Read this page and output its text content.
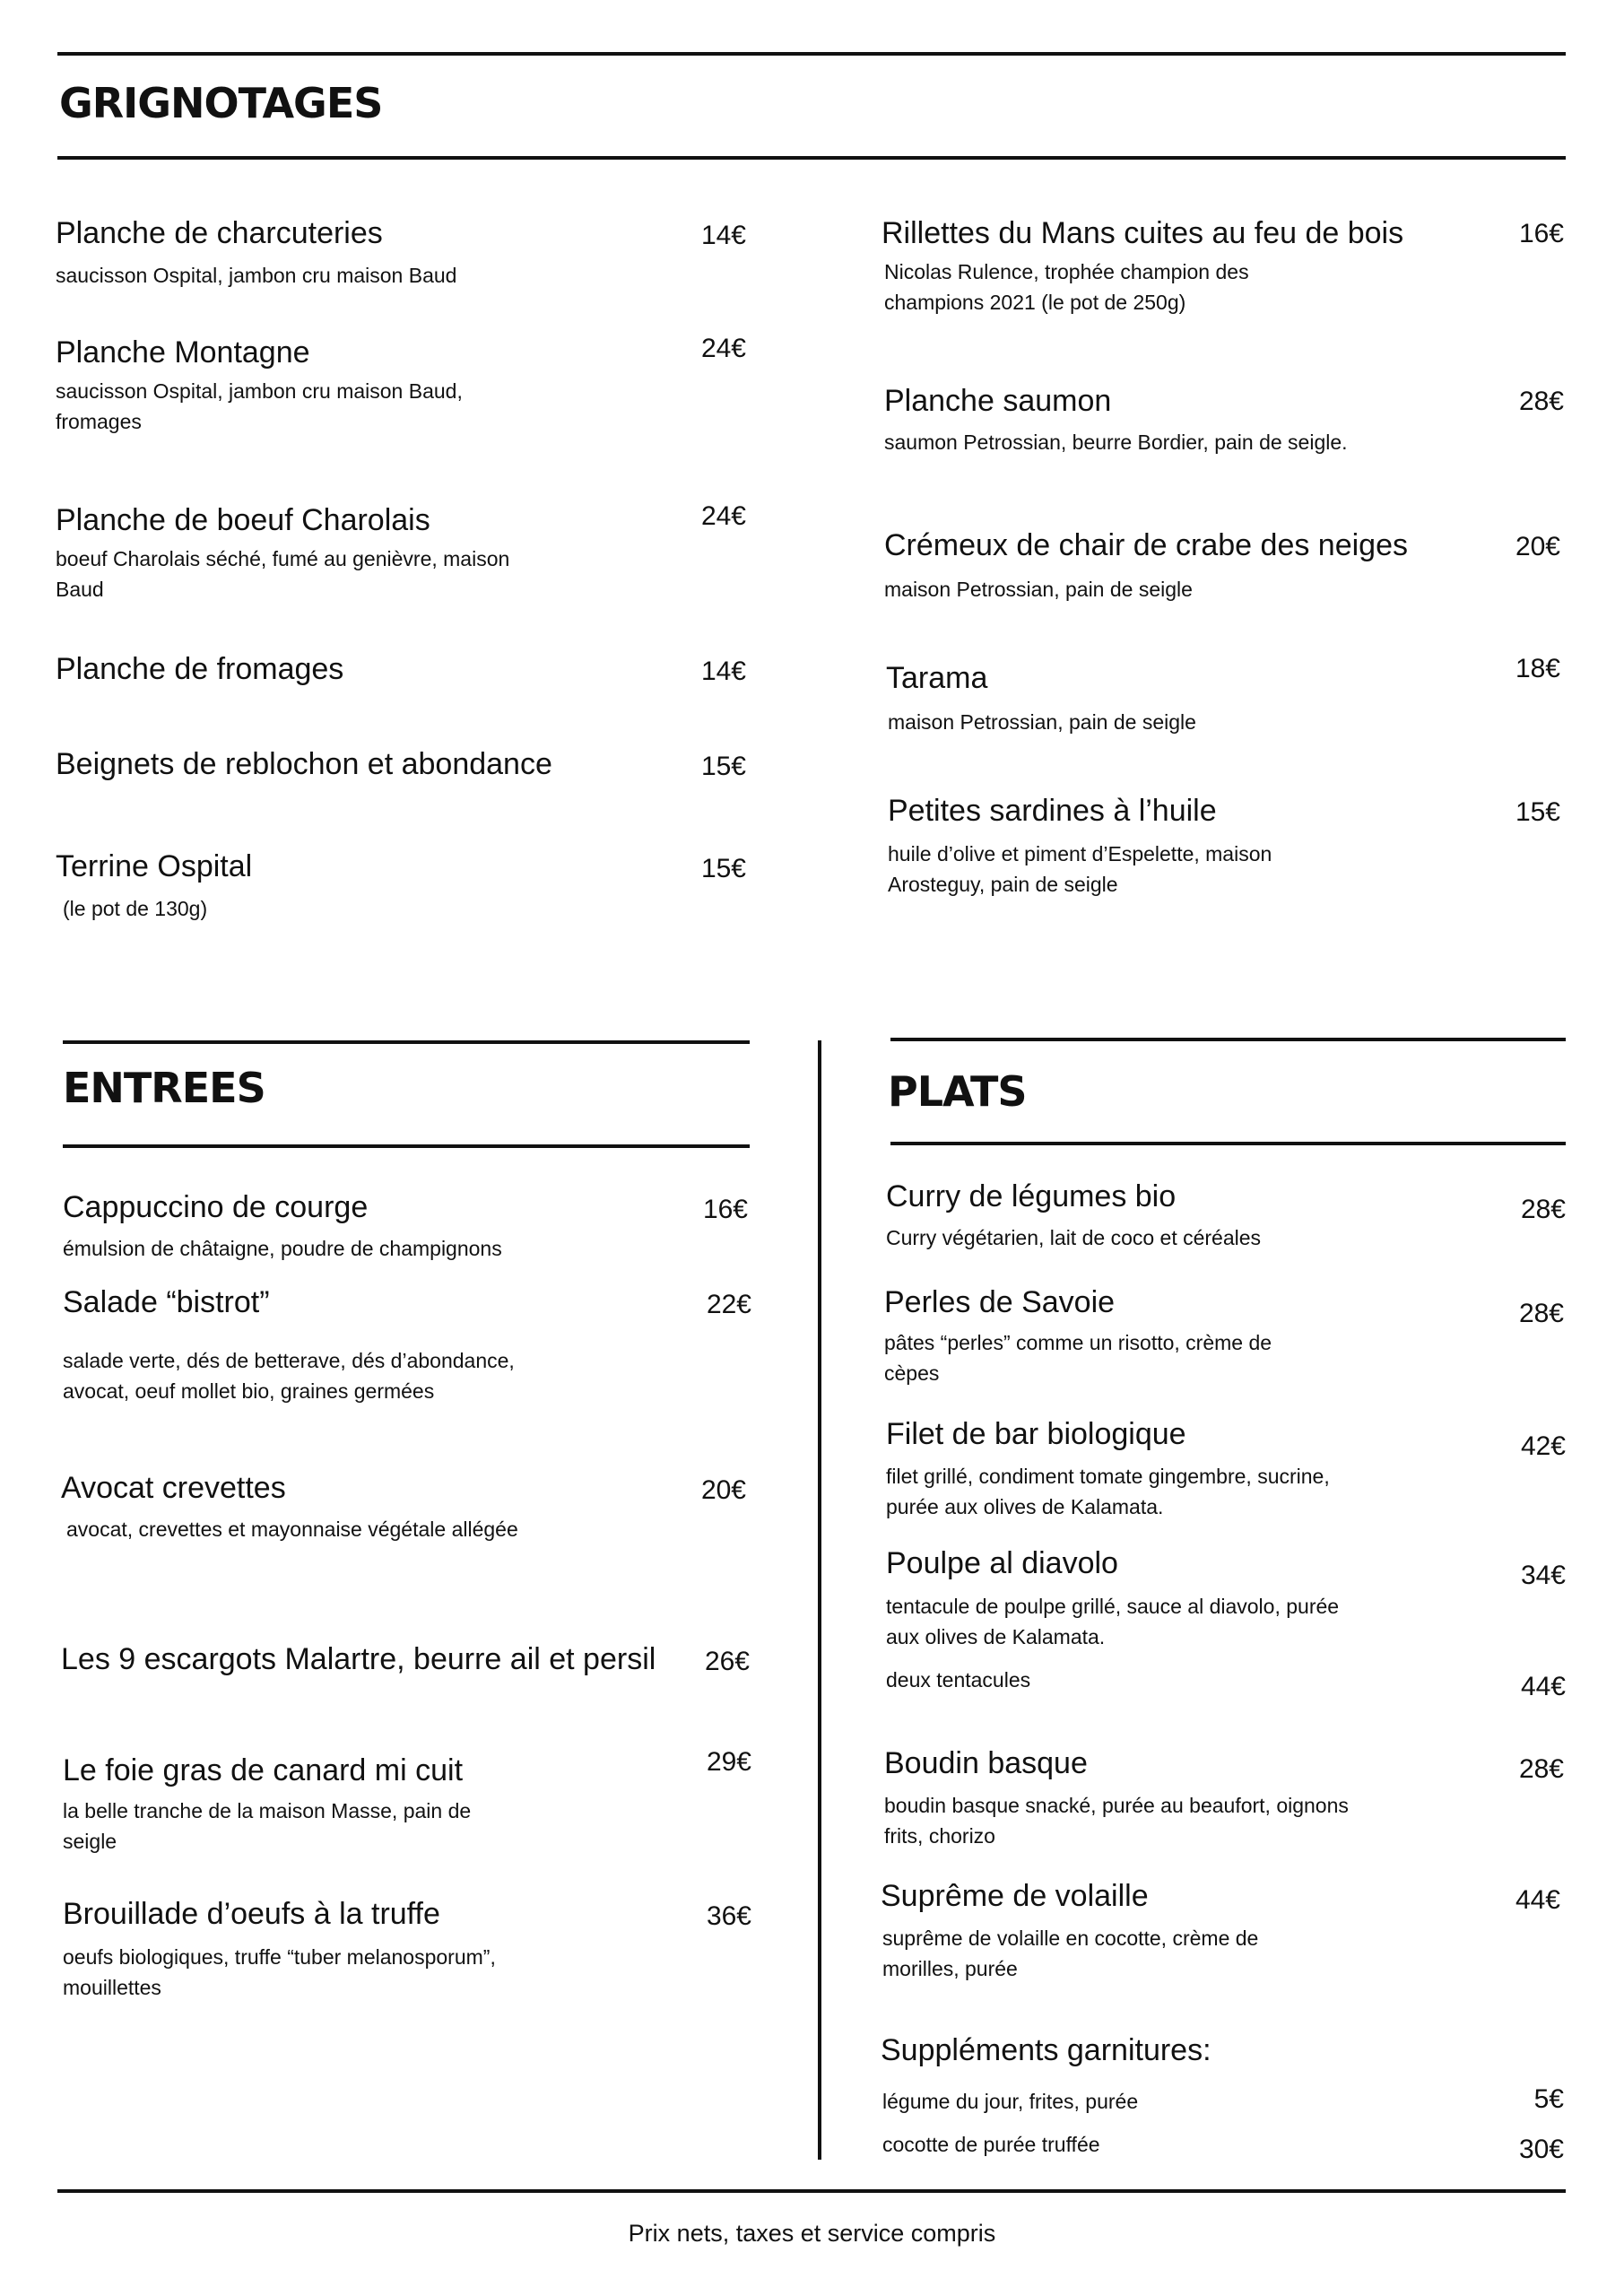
GRIGNOTAGES
ENTREES	PLATS
Planche de charcuteries
saucisson Ospital, jambon cru maison Baud
14€
Planche Montagne
saucisson Ospital, jambon cru maison Baud, fromages
24€
Planche de boeuf Charolais
boeuf Charolais séché, fumé au genièvre, maison Baud
24€
Planche de fromages	14€
Beignets de reblochon et abondance	15€
Terrine Ospital
(le pot de 130g)
15€
Rillettes du Mans cuites au feu de bois
Nicolas Rulence, trophée champion des champions 2021 (le pot de 250g)
16€
Planche saumon
saumon Petrossian, beurre Bordier, pain de seigle.
28€
Crémeux de chair de crabe des neiges
maison Petrossian, pain de seigle
20€
Tarama
maison Petrossian, pain de seigle
18€
Petites sardines à l’huile
huile d’olive et piment d’Espelette, maison Arosteguy, pain de seigle
15€
Cappuccino de courge
émulsion de châtaigne, poudre de champignons
16€
Salade “bistrot”
salade verte, dés de betterave, dés d’abondance, avocat, oeuf mollet bio, graines germées
22€
Avocat crevettes
avocat, crevettes et mayonnaise végétale allégée
20€
Les 9 escargots Malartre, beurre ail et persil	26€
Le foie gras de canard mi cuit
la belle tranche de la maison Masse, pain de seigle
29€
Brouillade d’oeufs à la truffe
oeufs biologiques, truffe “tuber melanosporum”, mouillettes
36€
Curry de légumes bio
Curry végétarien, lait de coco et céréales
28€
Perles de Savoie
pâtes “perles” comme un risotto, crème de cèpes
28€
Filet de bar biologique
filet grillé, condiment tomate gingembre, sucrine, purée aux olives de Kalamata.
42€
Poulpe al diavolo
tentacule de poulpe grillé, sauce al diavolo, purée aux olives de Kalamata.
34€
deux tentacules	44€
Boudin basque
boudin basque snacké, purée au beaufort, oignons frits, chorizo
28€
Suprême de volaille
suprême de volaille en cocotte, crème de morilles, purée
44€
Suppléments garnitures:
légume du jour, frites, purée	5€
cocotte de purée truffée	30€
Prix nets, taxes et service compris
